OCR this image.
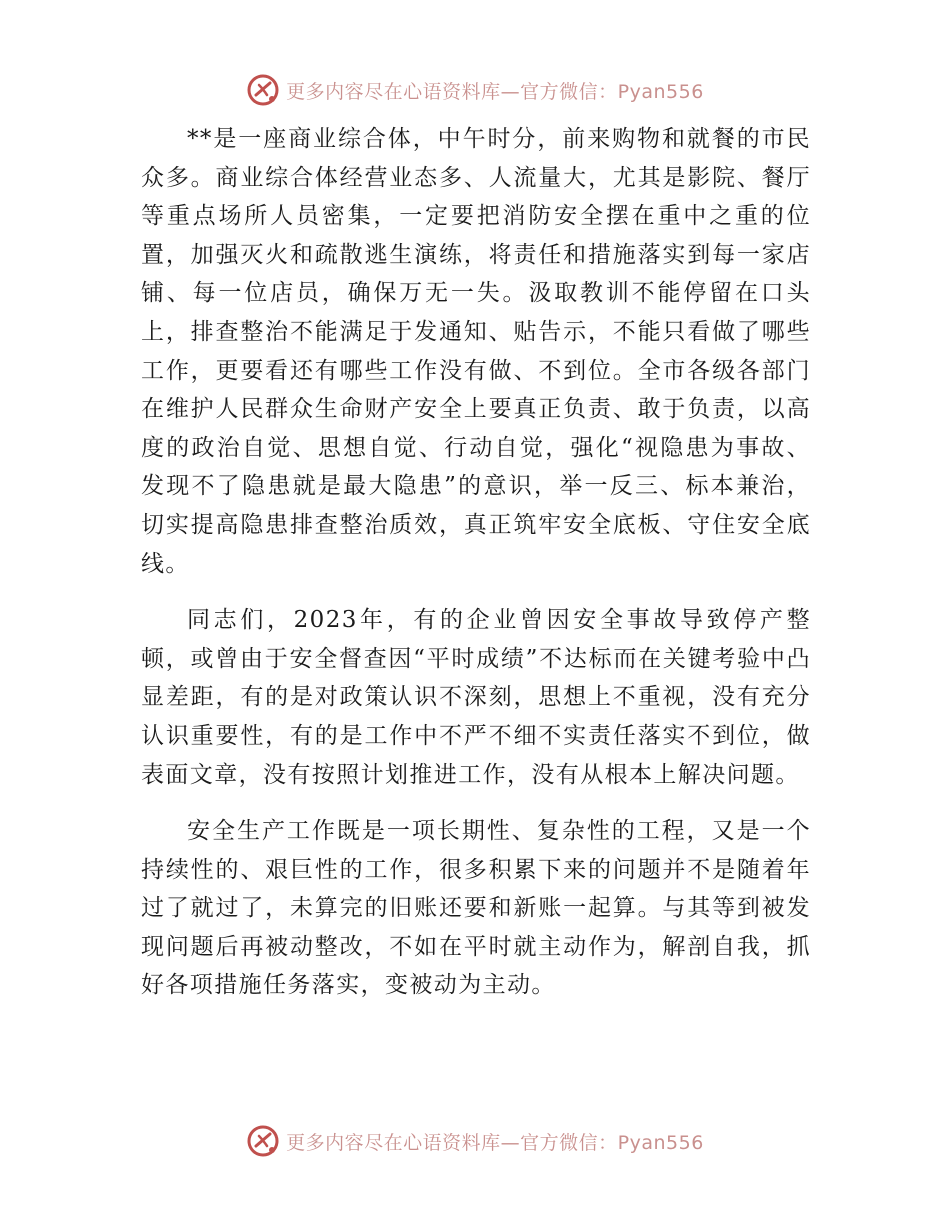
更多内容尽在心语资料库—官方微信：Pyan556

**是一座商业综合体，中午时分，前来购物和就餐的市民众多。商业综合体经营业态多、人流量大，尤其是影院、餐厅等重点场所人员密集，一定要把消防安全摆在重中之重的位置，加强灭火和疏散逃生演练，将责任和措施落实到每一家店铺、每一位店员，确保万无一失。汲取教训不能停留在口头上，排查整治不能满足于发通知、贴告示，不能只看做了哪些工作，更要看还有哪些工作没有做、不到位。全市各级各部门在维护人民群众生命财产安全上要真正负责、敢于负责，以高度的政治自觉、思想自觉、行动自觉，强化“视隐患为事故、发现不了隐患就是最大隐患”的意识，举一反三、标本兼治，切实提高隐患排查整治质效，真正筑牢安全底板、守住安全底线。

同志们，2023年，有的企业曾因安全事故导致停产整顿，或曾由于安全督查因“平时成绩”不达标而在关键考验中凸显差距，有的是对政策认识不深刻，思想上不重视，没有充分认识重要性，有的是工作中不严不细不实责任落实不到位，做表面文章，没有按照计划推进工作，没有从根本上解决问题。

安全生产工作既是一项长期性、复杂性的工程，又是一个持续性的、艰巨性的工作，很多积累下来的问题并不是随着年过了就过了，未算完的旧账还要和新账一起算。与其等到被发现问题后再被动整改，不如在平时就主动作为，解剖自我，抓好各项措施任务落实，变被动为主动。

更多内容尽在心语资料库—官方微信：Pyan556
